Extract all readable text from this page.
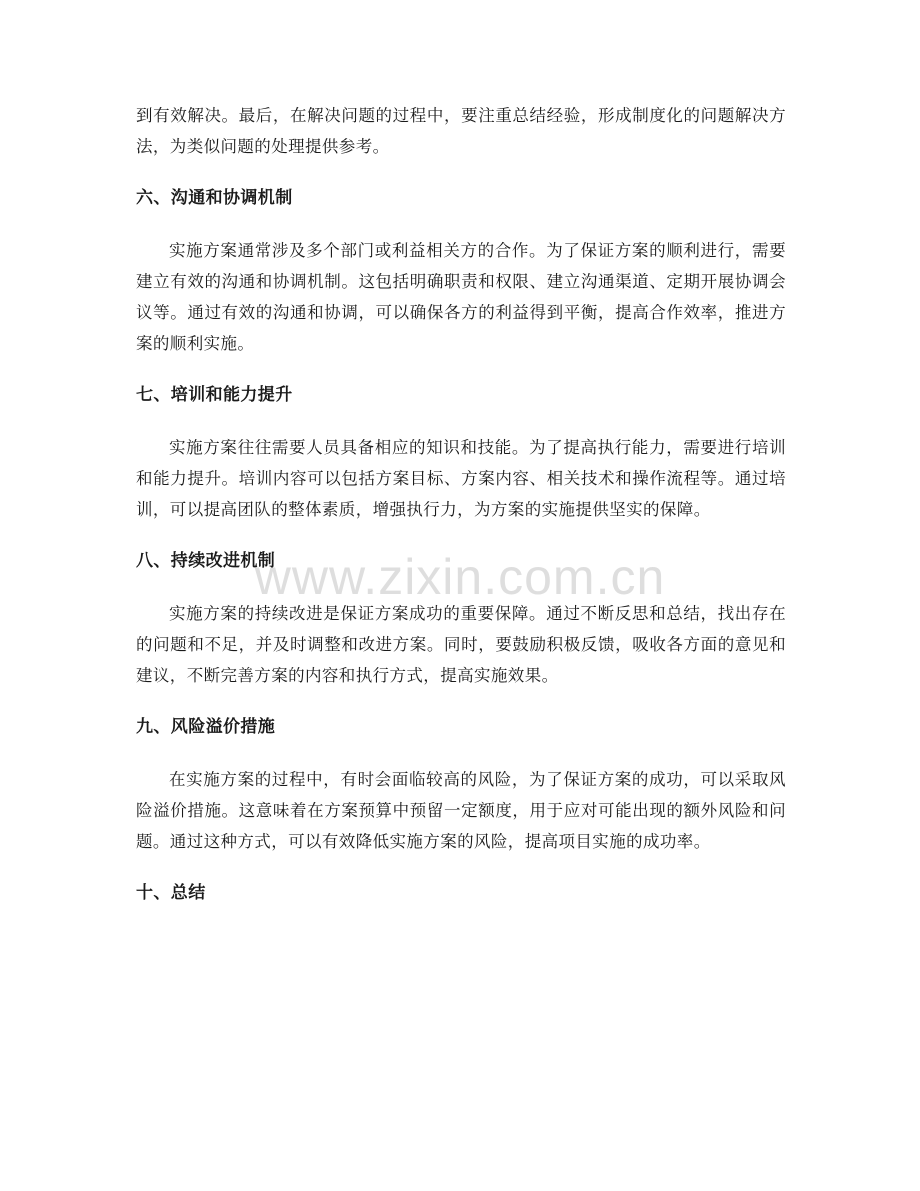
到有效解决。最后，在解决问题的过程中，要注重总结经验，形成制度化的问题解决方法，为类似问题的处理提供参考。

六、沟通和协调机制

实施方案通常涉及多个部门或利益相关方的合作。为了保证方案的顺利进行，需要建立有效的沟通和协调机制。这包括明确职责和权限、建立沟通渠道、定期开展协调会议等。通过有效的沟通和协调，可以确保各方的利益得到平衡，提高合作效率，推进方案的顺利实施。

七、培训和能力提升

实施方案往往需要人员具备相应的知识和技能。为了提高执行能力，需要进行培训和能力提升。培训内容可以包括方案目标、方案内容、相关技术和操作流程等。通过培训，可以提高团队的整体素质，增强执行力，为方案的实施提供坚实的保障。

八、持续改进机制

实施方案的持续改进是保证方案成功的重要保障。通过不断反思和总结，找出存在的问题和不足，并及时调整和改进方案。同时，要鼓励积极反馈，吸收各方面的意见和建议，不断完善方案的内容和执行方式，提高实施效果。

九、风险溢价措施

在实施方案的过程中，有时会面临较高的风险，为了保证方案的成功，可以采取风险溢价措施。这意味着在方案预算中预留一定额度，用于应对可能出现的额外风险和问题。通过这种方式，可以有效降低实施方案的风险，提高项目实施的成功率。

十、总结
www.zixin.com.cn
